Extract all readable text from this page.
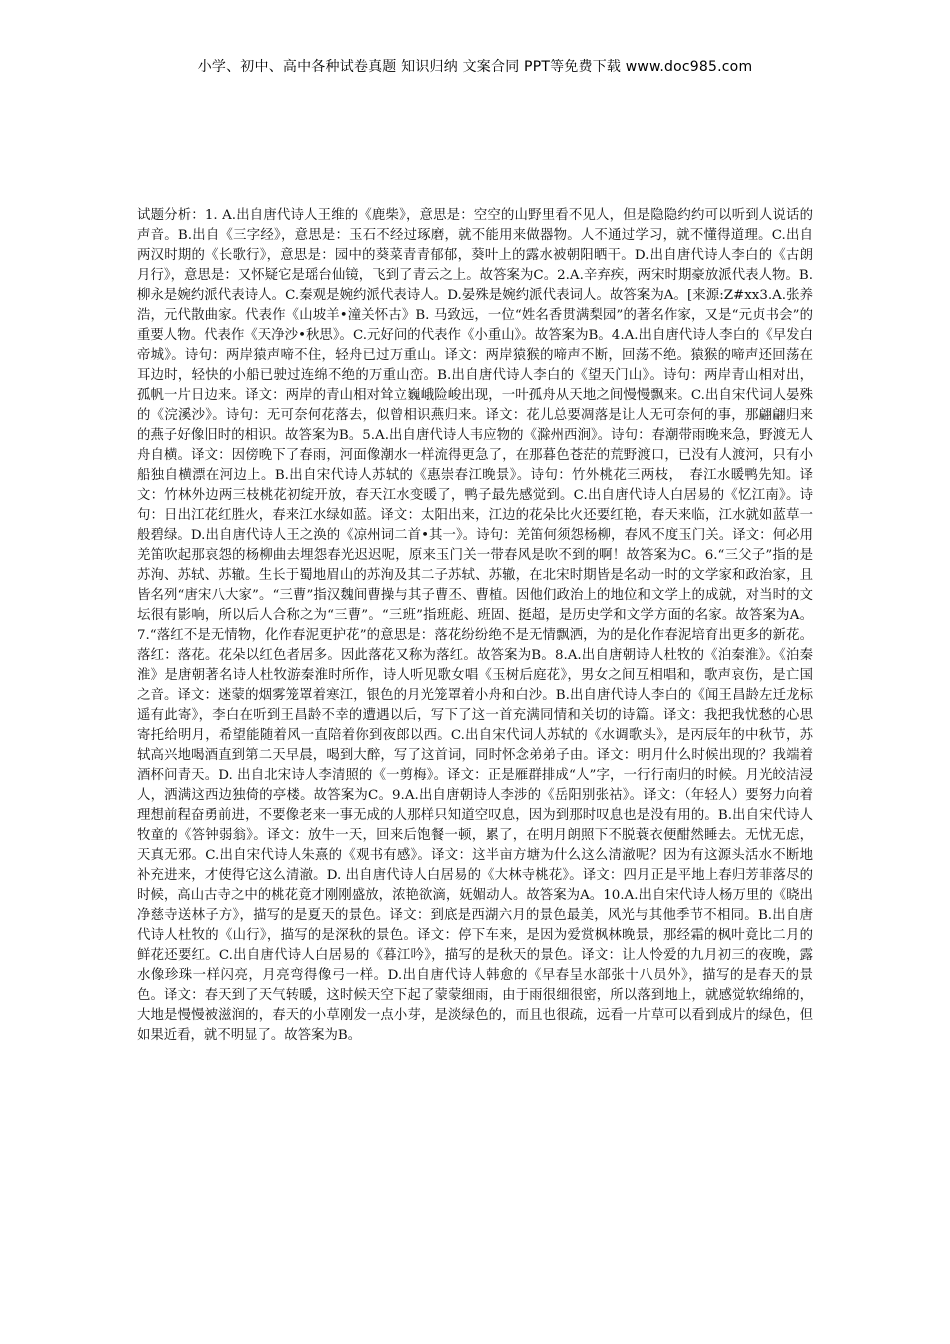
小学、初中、高中各种试卷真题 知识归纳 文案合同 PPT等免费下载 www.doc985.com
试题分析：1. A.出自唐代诗人王维的《鹿柴》，意思是：空空的山野里看不见人，但是隐隐约约可以听到人说话的声音。B.出自《三字经》，意思是：玉石不经过琢磨，就不能用来做器物。人不通过学习，就不懂得道理。C.出自两汉时期的《长歌行》，意思是：园中的葵菜青青郁郁，葵叶上的露水被朝阳晒干。D.出自唐代诗人李白的《古朗月行》，意思是：又怀疑它是瑶台仙镜，飞到了青云之上。故答案为C。2.A.辛弃疾，两宋时期豪放派代表人物。B.柳永是婉约派代表诗人。C.秦观是婉约派代表诗人。D.晏殊是婉约派代表词人。故答案为A。[来源:Z#xx3.A.张养浩，元代散曲家。代表作《山坡羊•潼关怀古》B. 马致远，一位“姓名香贯满梨园”的著名作家，又是“元贞书会”的重要人物。代表作《天净沙•秋思》。C.元好问的代表作《小重山》。故答案为B。4.A.出自唐代诗人李白的《早发白帝城》。诗句：两岸猿声啼不住，轻舟已过万重山。译文：两岸猿猴的啼声不断，回荡不绝。猿猴的啼声还回荡在耳边时，轻快的小船已驶过连绵不绝的万重山峦。B.出自唐代诗人李白的《望天门山》。诗句：两岸青山相对出，孤帆一片日边来。译文：两岸的青山相对耸立巍峨险峻出现，一叶孤舟从天地之间慢慢飘来。C.出自宋代词人晏殊的《浣溪沙》。诗句：无可奈何花落去，似曾相识燕归来。译文：花儿总要凋落是让人无可奈何的事，那翩翩归来的燕子好像旧时的相识。故答案为B。5.A.出自唐代诗人韦应物的《滁州西涧》。诗句：春潮带雨晚来急，野渡无人舟自横。译文：因傍晚下了春雨，河面像潮水一样流得更急了，在那暮色苍茫的荒野渡口，已没有人渡河，只有小船独自横漂在河边上。B.出自宋代诗人苏轼的《惠崇春江晚景》。诗句：竹外桃花三两枝，　春江水暖鸭先知。译文：竹林外边两三枝桃花初绽开放，春天江水变暖了，鸭子最先感觉到。C.出自唐代诗人白居易的《忆江南》。诗句：日出江花红胜火，春来江水绿如蓝。译文：太阳出来，江边的花朵比火还要红艳，春天来临，江水就如蓝草一般碧绿。D.出自唐代诗人王之涣的《凉州词二首•其一》。诗句：羌笛何须怨杨柳，春风不度玉门关。译文：何必用羌笛吹起那哀怨的杨柳曲去埋怨春光迟迟呢，原来玉门关一带春风是吹不到的啊！故答案为C。6.“三父子”指的是苏洵、苏轼、苏辙。生长于蜀地眉山的苏洵及其二子苏轼、苏辙，在北宋时期皆是名动一时的文学家和政治家，且皆名列“唐宋八大家”。“三曹”指汉魏间曹操与其子曹丕、曹植。因他们政治上的地位和文学上的成就，对当时的文坛很有影响，所以后人合称之为“三曹”。“三班”指班彪、班固、挺超，是历史学和文学方面的名家。故答案为A。7.“落红不是无情物，化作春泥更护花”的意思是：落花纷纷绝不是无情飘洒，为的是化作春泥培育出更多的新花。落红：落花。花朵以红色者居多。因此落花又称为落红。故答案为B。8.A.出自唐朝诗人杜牧的《泊秦淮》。《泊秦淮》是唐朝著名诗人杜牧游秦淮时所作，诗人听见歌女唱《玉树后庭花》，男女之间互相唱和，歌声哀伤，是亡国之音。译文：迷蒙的烟雾笼罩着寒江，银色的月光笼罩着小舟和白沙。B.出自唐代诗人李白的《闻王昌龄左迁龙标遥有此寄》，李白在听到王昌龄不幸的遭遇以后，写下了这一首充满同情和关切的诗篇。译文：我把我忧愁的心思寄托给明月，希望能随着风一直陪着你到夜郎以西。C.出自宋代词人苏轼的《水调歌头》，是丙辰年的中秋节，苏轼高兴地喝酒直到第二天早晨，喝到大醉，写了这首词，同时怀念弟弟子由。译文：明月什么时候出现的？我端着酒杯问青天。D. 出自北宋诗人李清照的《一剪梅》。译文：正是雁群排成“人”字，一行行南归的时候。月光皎洁浸人，洒满这西边独倚的亭楼。故答案为C。9.A.出自唐朝诗人李涉的《岳阳别张祜》。译文：（年轻人）要努力向着理想前程奋勇前进，不要像老来一事无成的人那样只知道空叹息，因为到那时叹息也是没有用的。B.出自宋代诗人牧童的《答钟弱翁》。译文：放牛一天，回来后饱餐一顿，累了，在明月朗照下不脱蓑衣便酣然睡去。无忧无虑，天真无邪。C.出自宋代诗人朱熹的《观书有感》。译文：这半亩方塘为什么这么清澈呢？因为有这源头活水不断地补充进来，才使得它这么清澈。D. 出自唐代诗人白居易的《大林寺桃花》。译文：四月正是平地上春归芳菲落尽的时候，高山古寺之中的桃花竟才刚刚盛放，浓艳欲滴，妩媚动人。故答案为A。10.A.出自宋代诗人杨万里的《晓出净慈寺送林子方》，描写的是夏天的景色。译文：到底是西湖六月的景色最美，风光与其他季节不相同。B.出自唐代诗人杜牧的《山行》，描写的是深秋的景色。译文：停下车来，是因为爱赏枫林晚景，那经霜的枫叶竟比二月的鲜花还要红。C.出自唐代诗人白居易的《暮江吟》，描写的是秋天的景色。译文：让人怜爱的九月初三的夜晚，露水像珍珠一样闪亮，月亮弯得像弓一样。D.出自唐代诗人韩愈的《早春呈水部张十八员外》，描写的是春天的景色。译文：春天到了天气转暖，这时候天空下起了蒙蒙细雨，由于雨很细很密，所以落到地上，就感觉软绵绵的，大地是慢慢被滋润的，春天的小草刚发一点小芽，是淡绿色的，而且也很疏，远看一片草可以看到成片的绿色，但如果近看，就不明显了。故答案为B。
